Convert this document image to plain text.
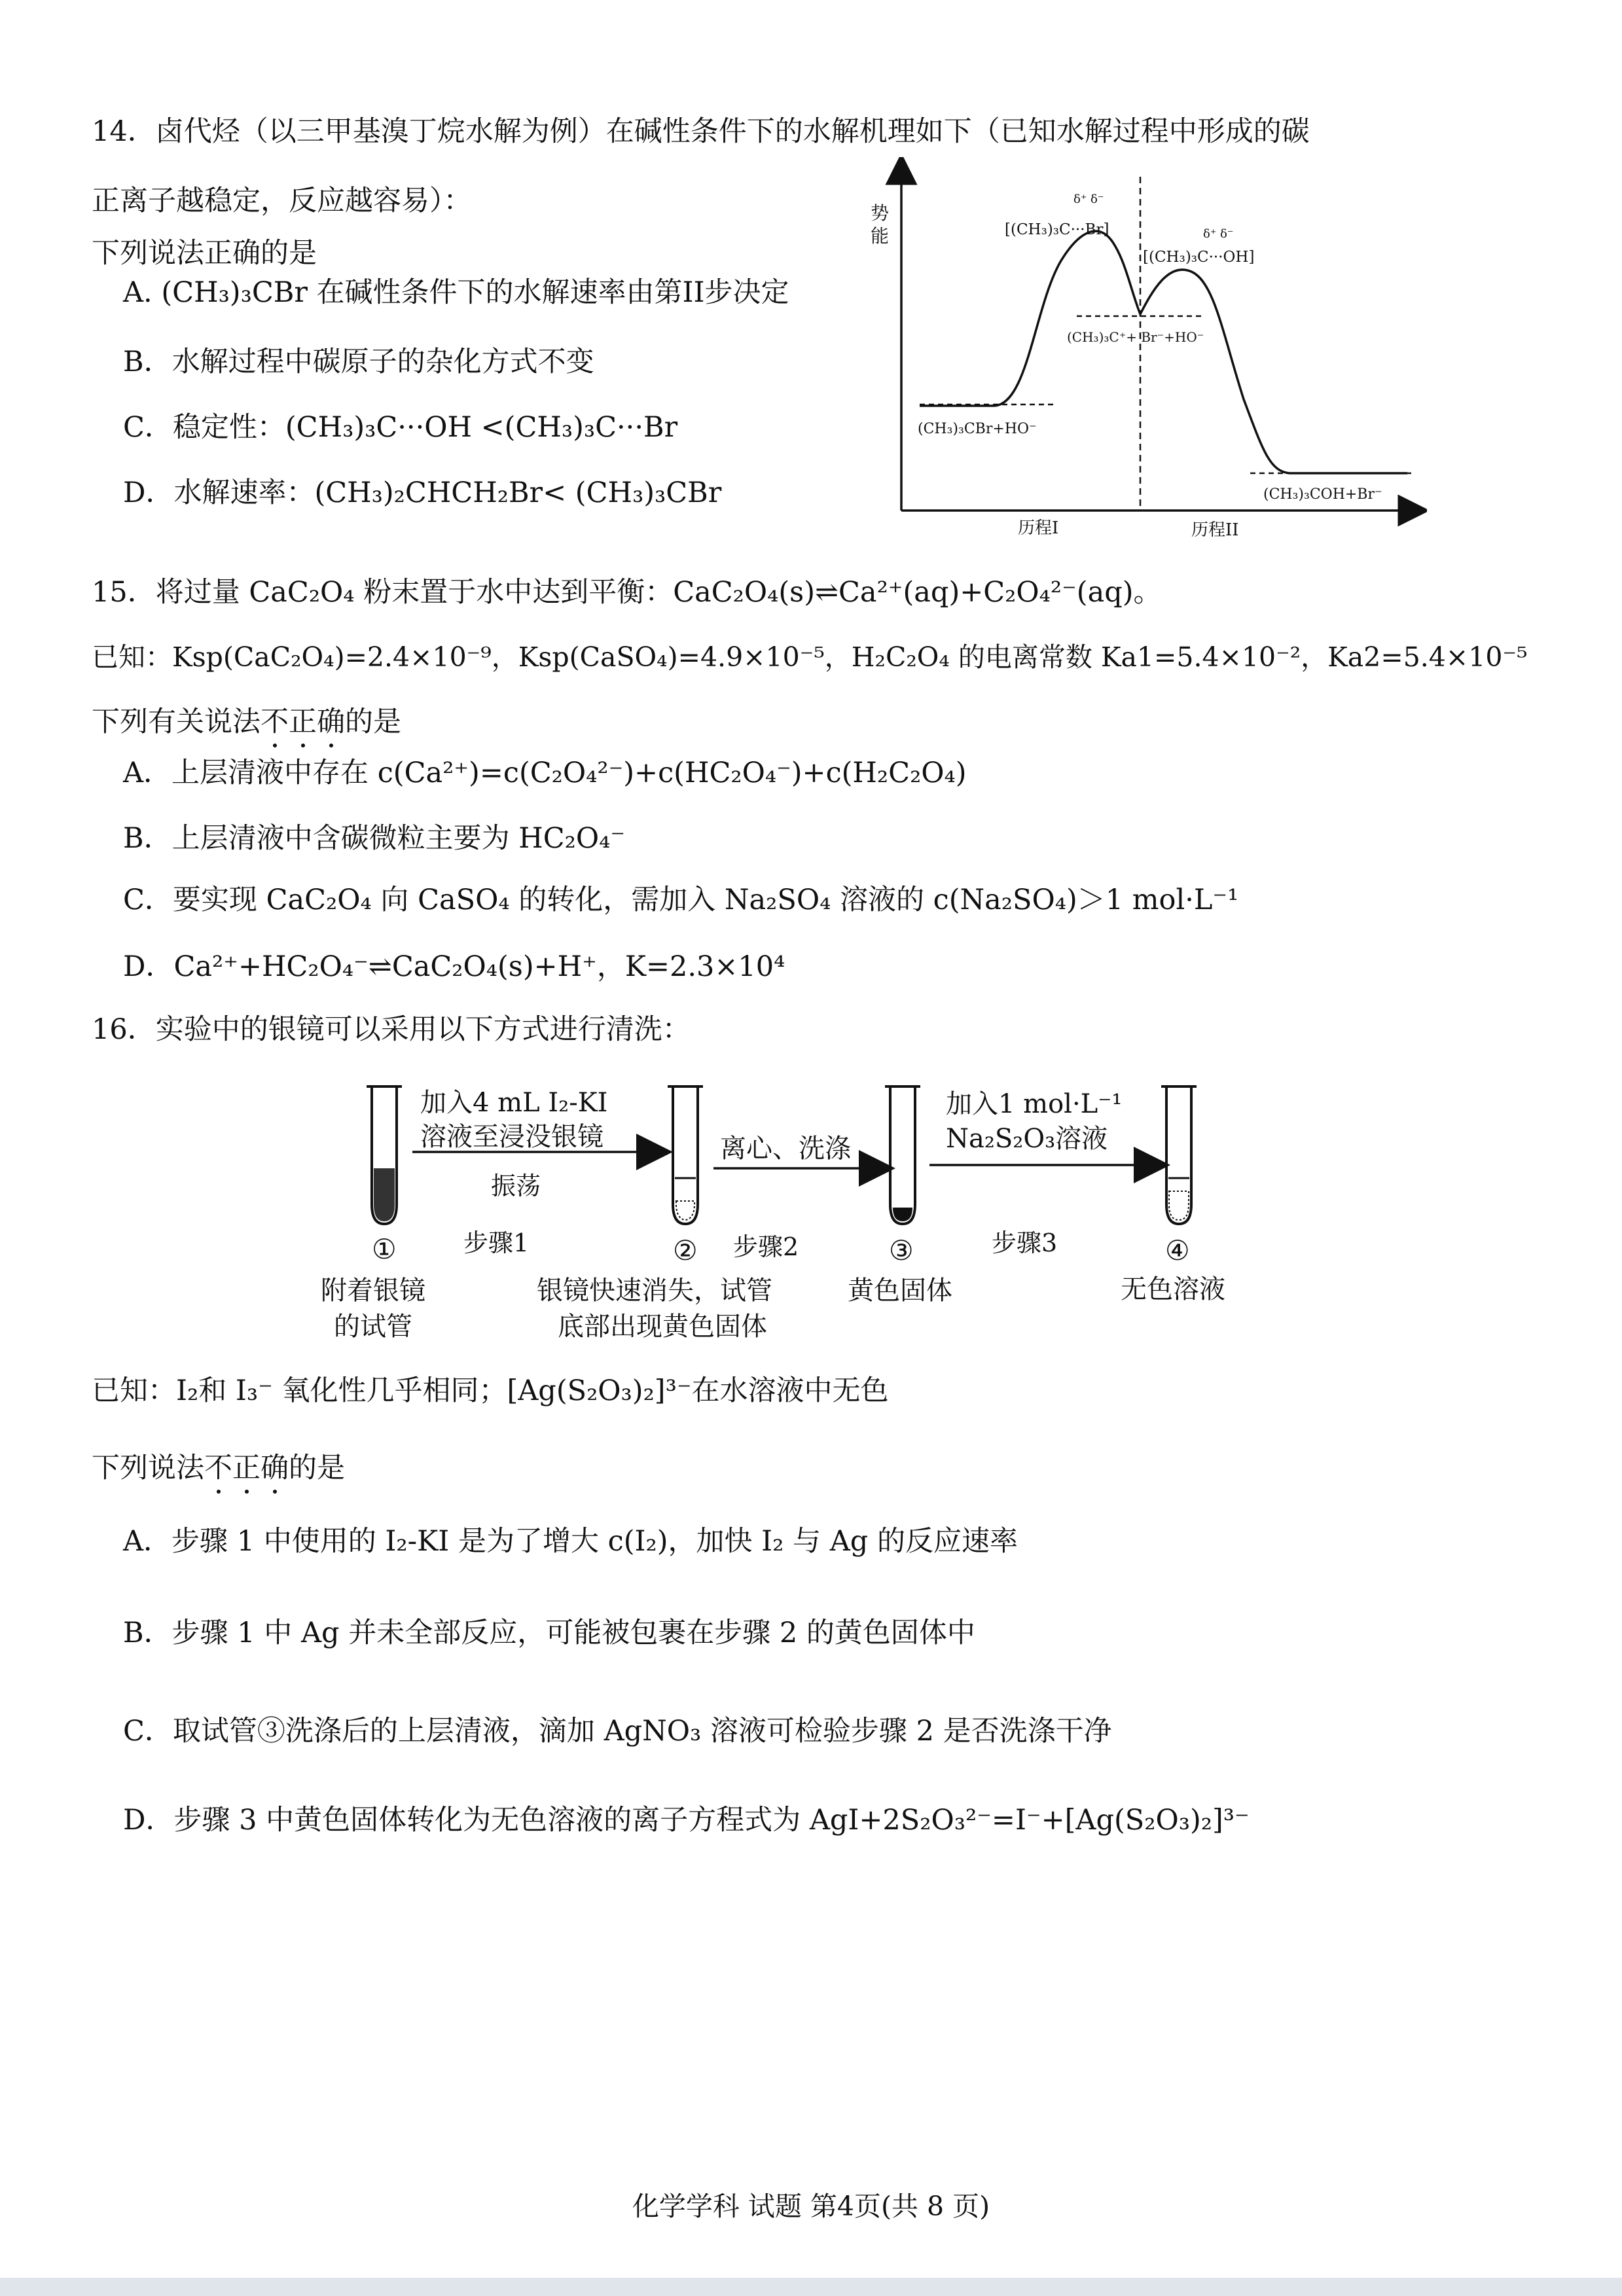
14．卤代烃（以三甲基溴丁烷水解为例）在碱性条件下的水解机理如下（已知水解过程中形成的碳
正离子越稳定，反应越容易）：
下列说法正确的是
A. (CH₃)₃CBr 在碱性条件下的水解速率由第II步决定
B．水解过程中碳原子的杂化方式不变
C．稳定性：(CH₃)₃C···OH <(CH₃)₃C···Br
D．水解速率：(CH₃)₂CHCH₂Br< (CH₃)₃CBr
势
能
δ⁺ δ⁻
[(CH₃)₃C···Br]	δ⁺ δ⁻
[(CH₃)₃C···OH]
(CH₃)₃CBr+HO⁻
(CH₃)₃C⁺+ Br⁻+HO⁻
(CH₃)₃COH+Br⁻
历程I	历程II
15．将过量 CaC₂O₄ 粉末置于水中达到平衡：CaC₂O₄(s)⇌Ca²⁺(aq)+C₂O₄²⁻(aq)。
已知：Ksp(CaC₂O₄)=2.4×10⁻⁹，Ksp(CaSO₄)=4.9×10⁻⁵，H₂C₂O₄ 的电离常数 Ka1=5.4×10⁻²，Ka2=5.4×10⁻⁵
下列有关说法不正确的是
A．上层清液中存在 c(Ca²⁺)=c(C₂O₄²⁻)+c(HC₂O₄⁻)+c(H₂C₂O₄)
B．上层清液中含碳微粒主要为 HC₂O₄⁻
C．要实现 CaC₂O₄ 向 CaSO₄ 的转化，需加入 Na₂SO₄ 溶液的 c(Na₂SO₄)＞1 mol·L⁻¹
D．Ca²⁺+HC₂O₄⁻⇌CaC₂O₄(s)+H⁺，K=2.3×10⁴
16．实验中的银镜可以采用以下方式进行清洗：
加入4 mL I₂-KI
溶液至浸没银镜
振荡
离心、洗涤
加入1 mol·L⁻¹
Na₂S₂O₃溶液
步骤1	步骤2	步骤3
①	②	③	④
附着银镜
的试管
银镜快速消失，试管
底部出现黄色固体
黄色固体	无色溶液
已知：I₂和 I₃⁻ 氧化性几乎相同；[Ag(S₂O₃)₂]³⁻在水溶液中无色
下列说法不正确的是
A．步骤 1 中使用的 I₂-KI 是为了增大 c(I₂)，加快 I₂ 与 Ag 的反应速率
B．步骤 1 中 Ag 并未全部反应，可能被包裹在步骤 2 的黄色固体中
C．取试管③洗涤后的上层清液，滴加 AgNO₃ 溶液可检验步骤 2 是否洗涤干净
D．步骤 3 中黄色固体转化为无色溶液的离子方程式为 AgI+2S₂O₃²⁻=I⁻+[Ag(S₂O₃)₂]³⁻
化学学科 试题 第4页(共 8 页)
